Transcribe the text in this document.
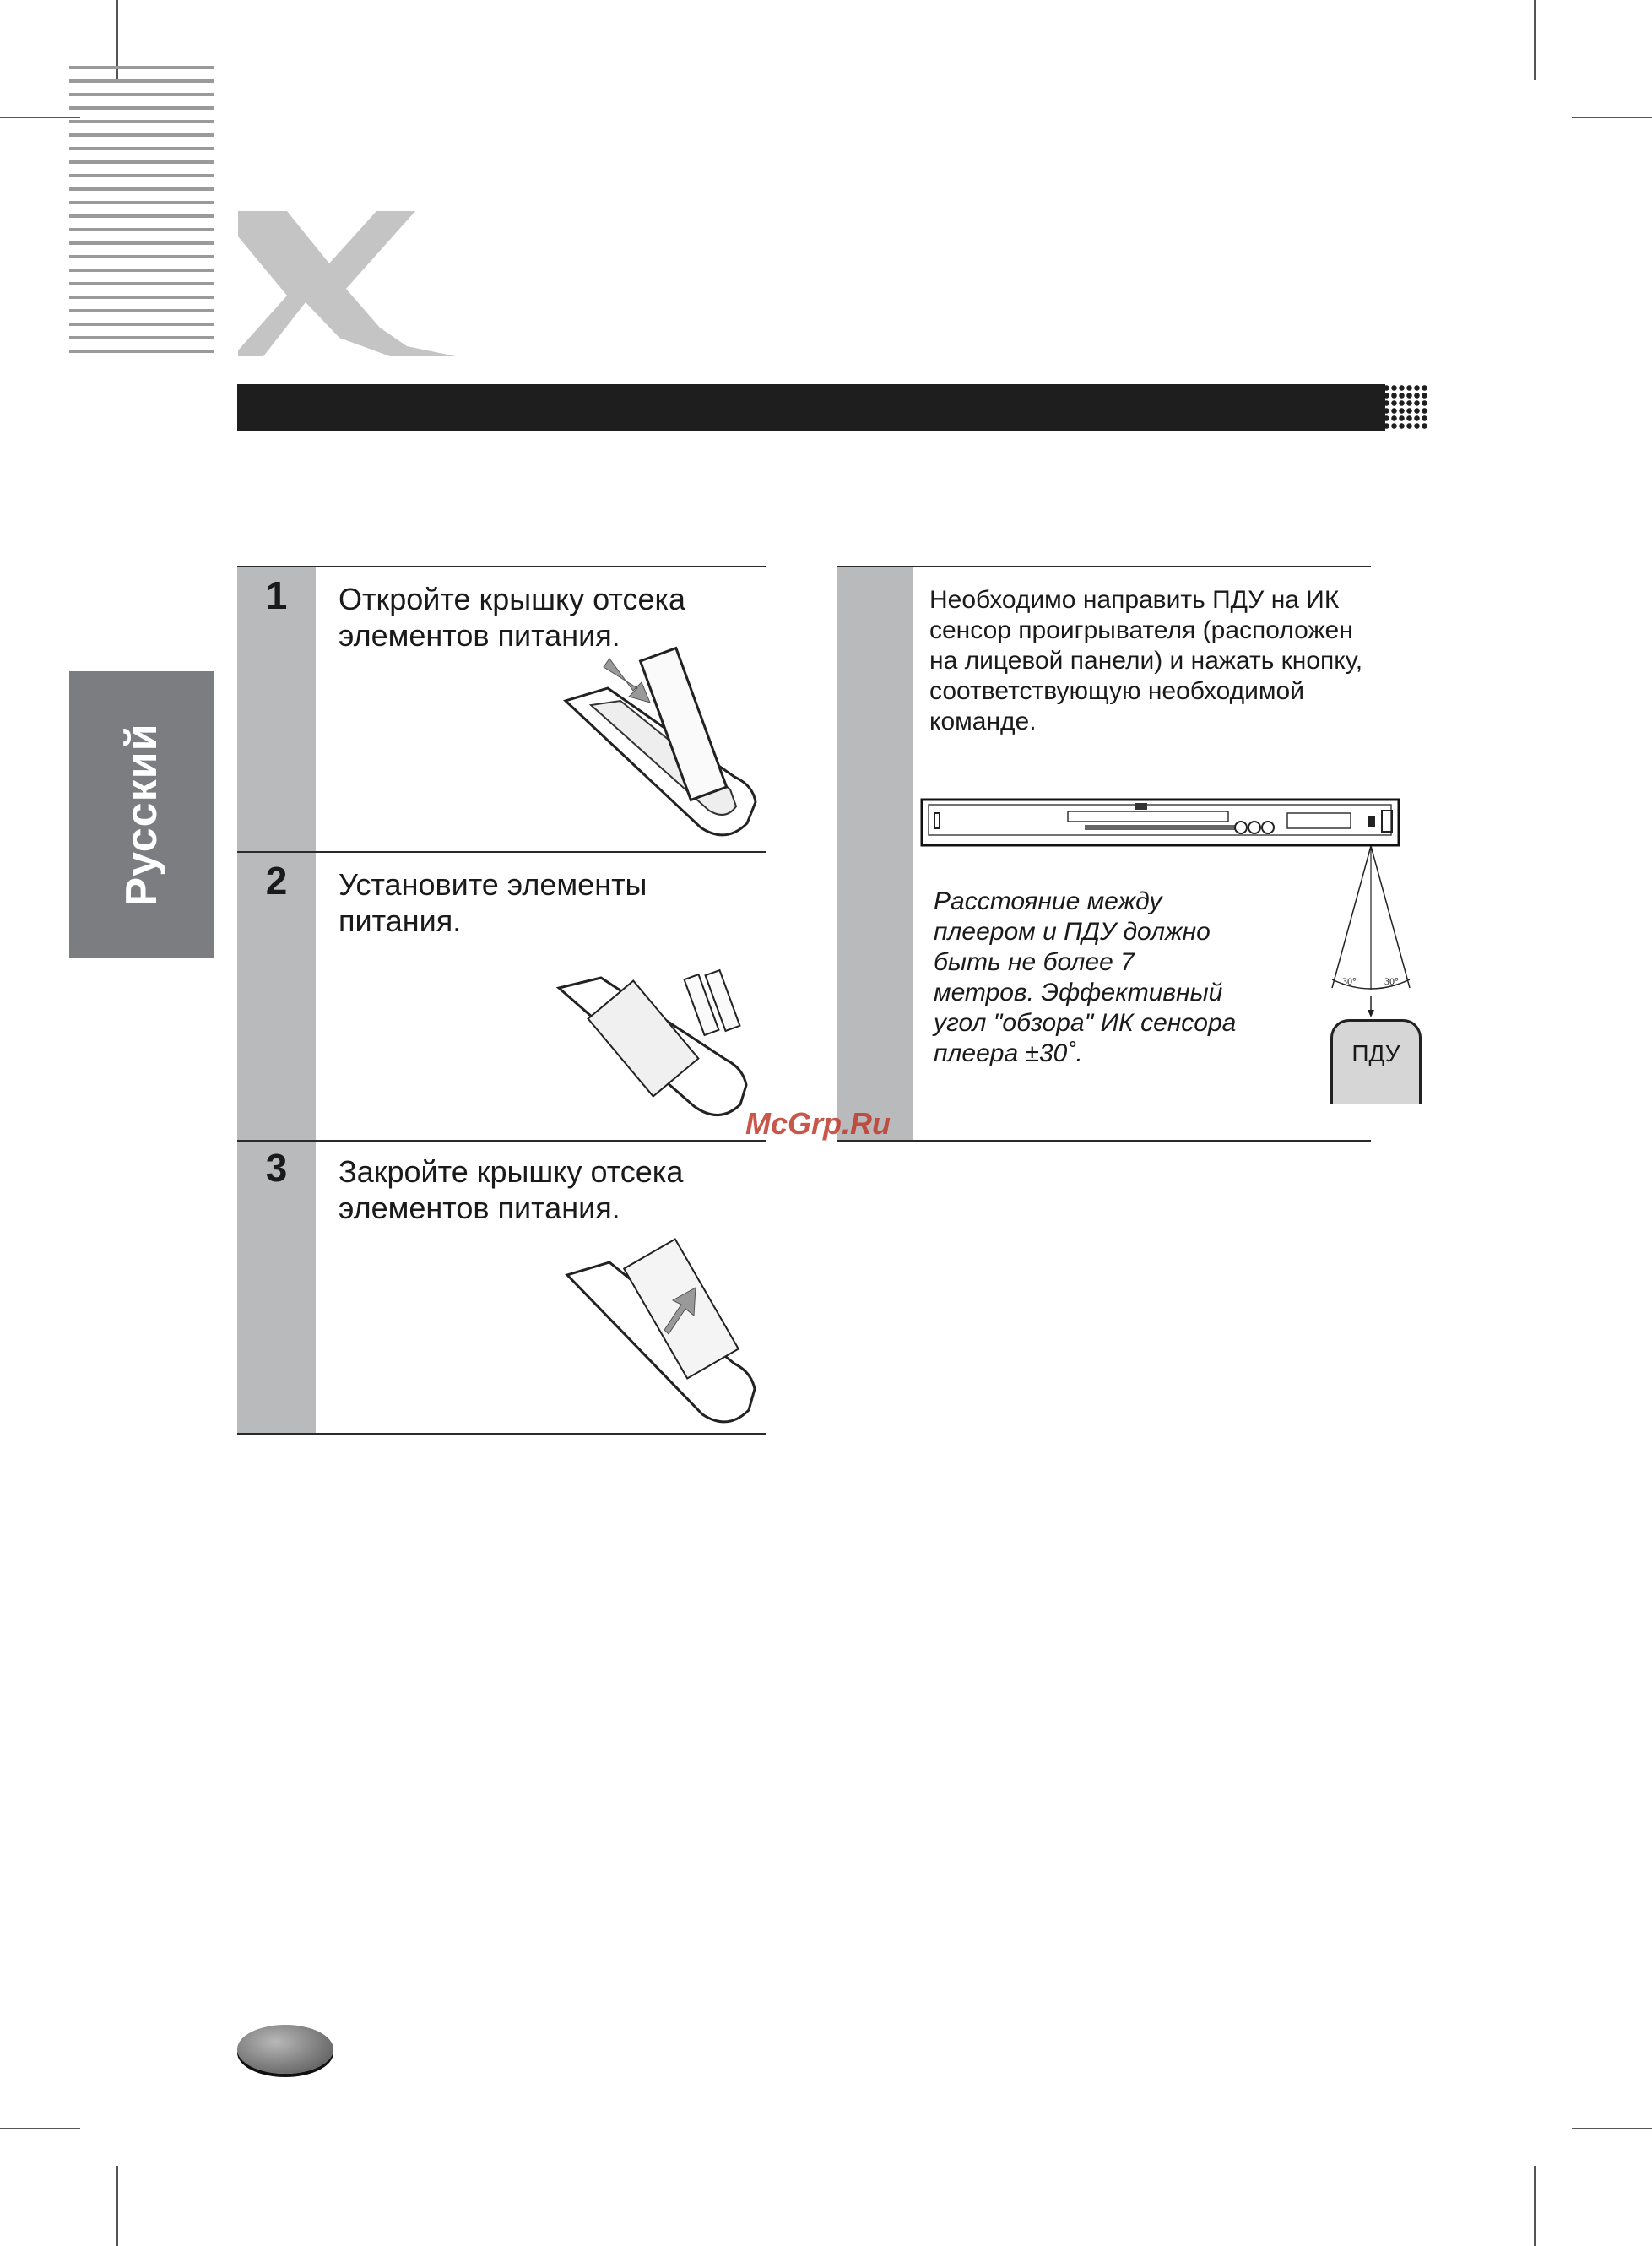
Русский
1	Откройте крышку отсека элементов питания.
2	Установите элементы питания.
3	Закройте крышку отсека элементов питания.
Необходимо направить ПДУ на ИК сенсор проигрывателя (расположен на лицевой панели) и нажать кнопку, соответствующую необходимой команде.
30°	30°
Расстояние между плеером и ПДУ должно быть не более 7 метров. Эффективный угол "обзора" ИК сенсора плеера ±30˚.	ПДУ
McGrp.Ru
